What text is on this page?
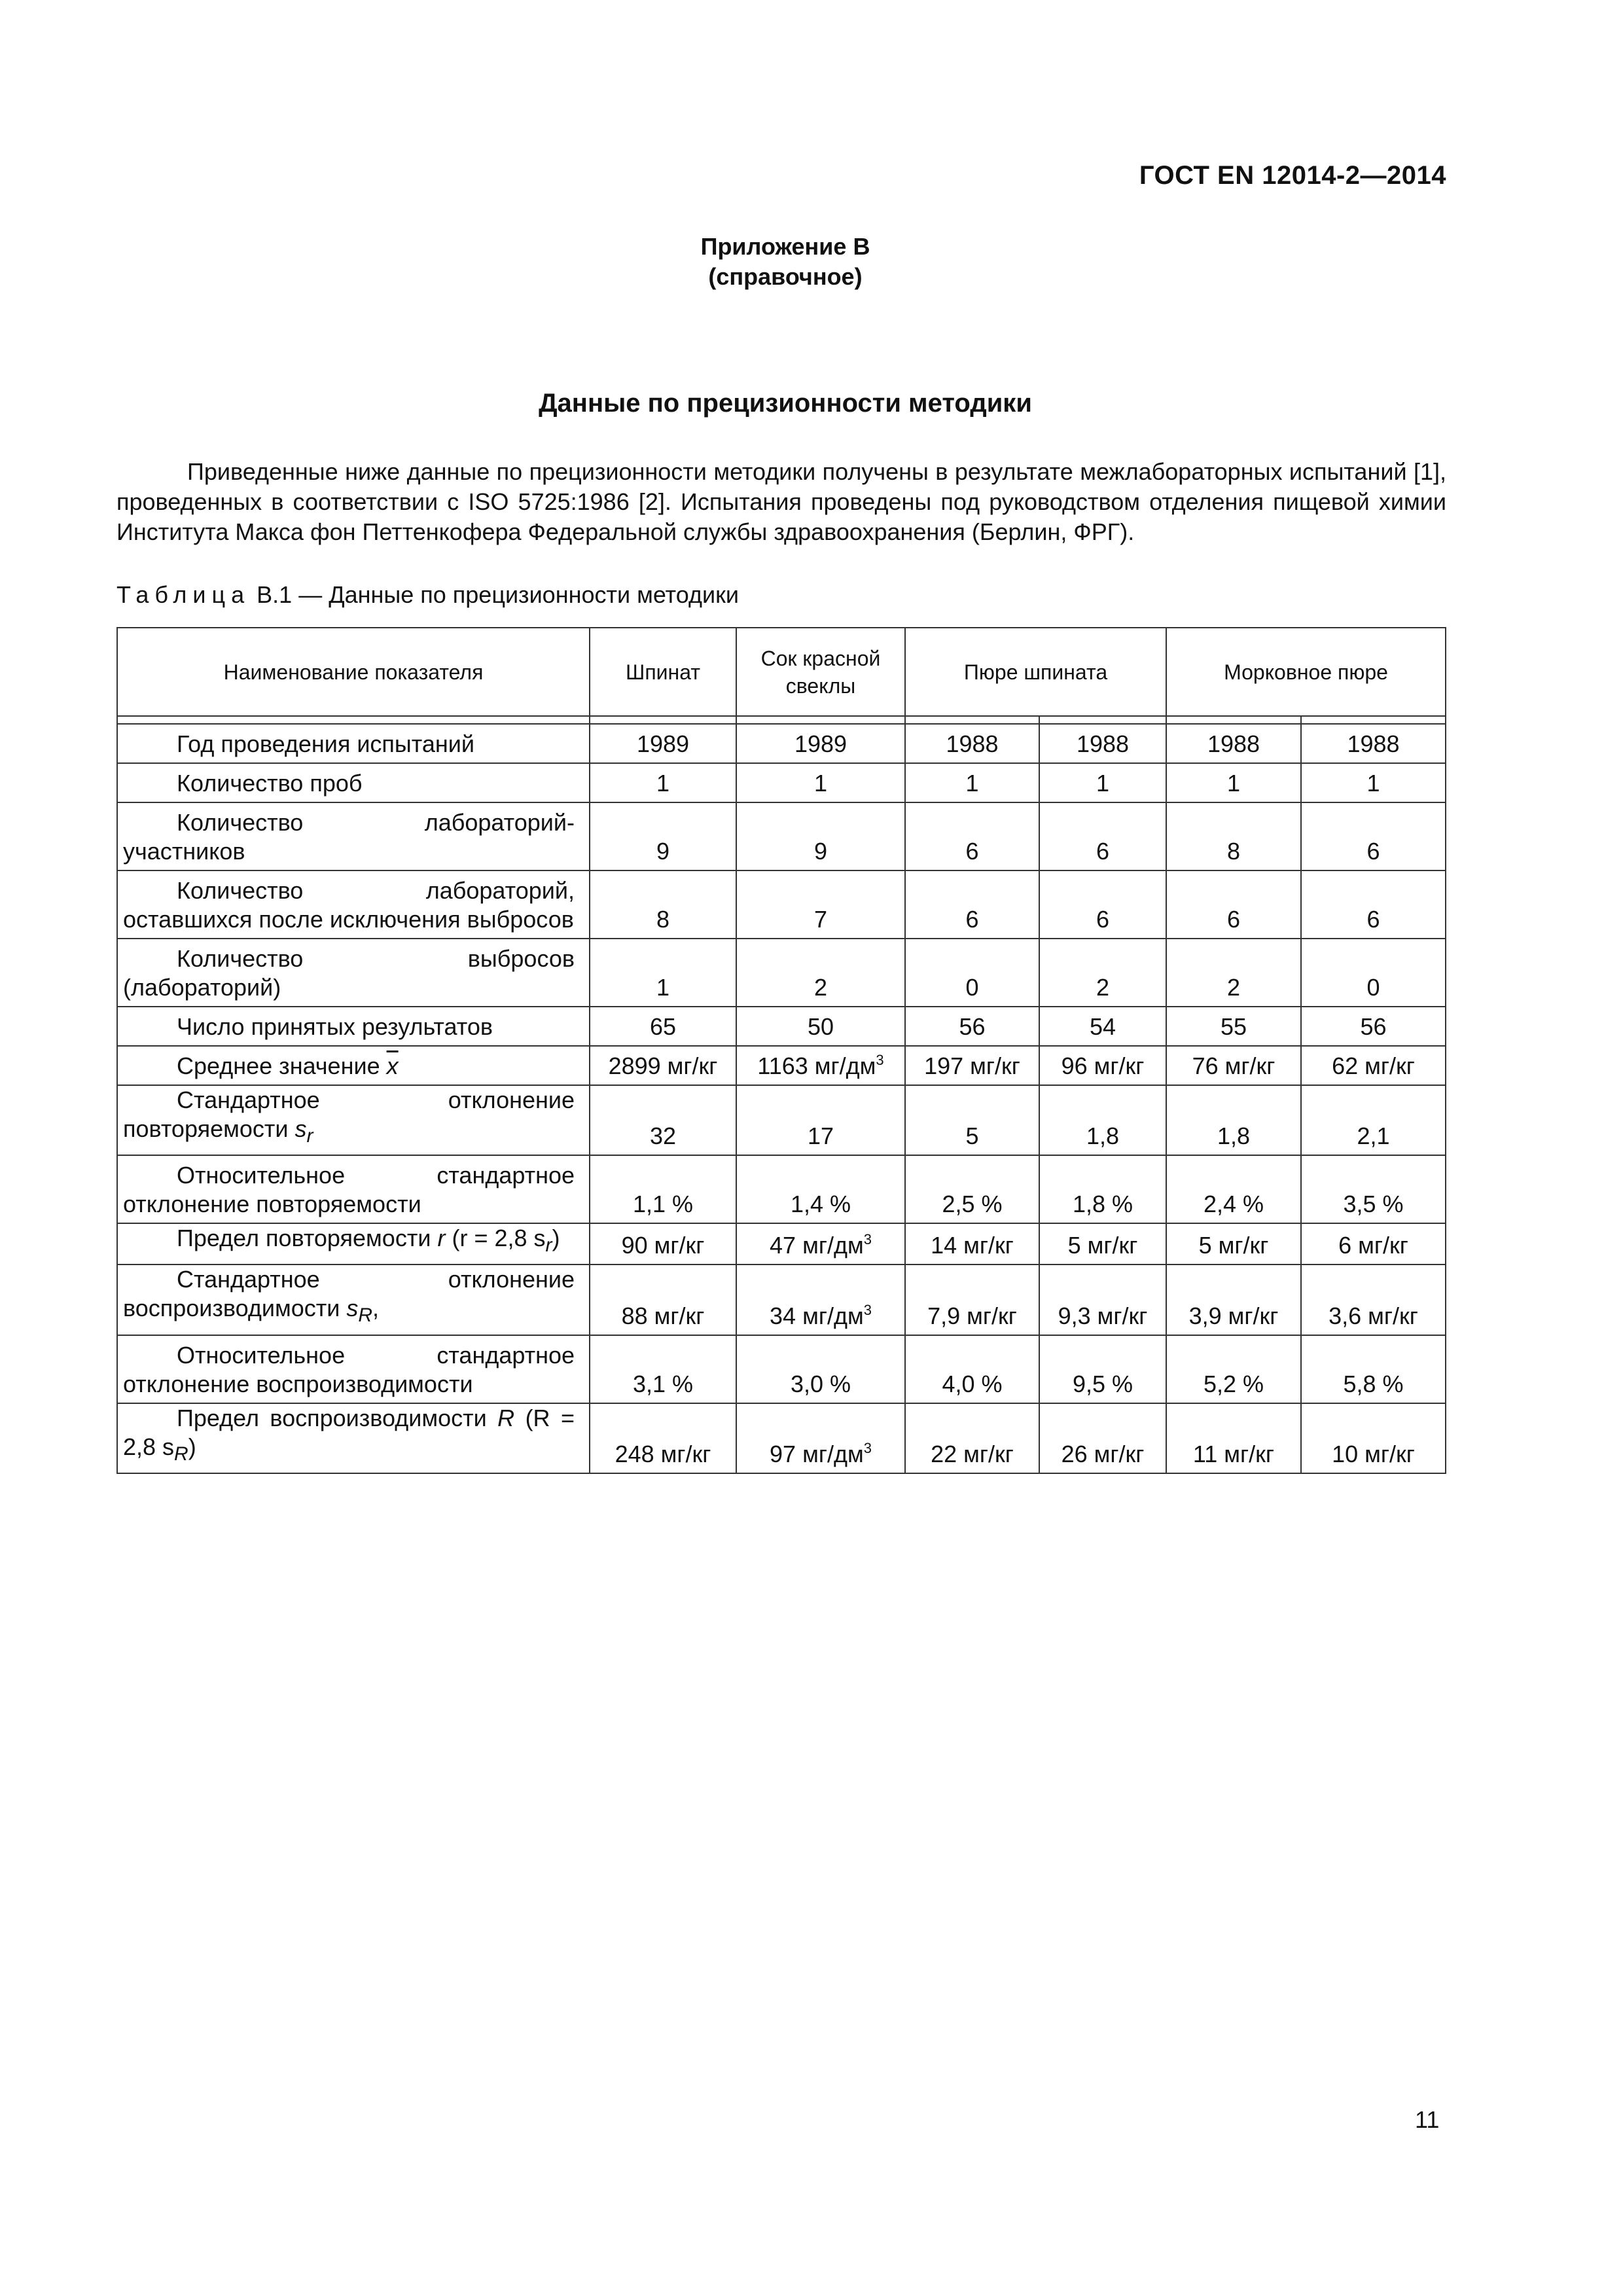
ГОСТ EN 12014-2—2014
Приложение В
(справочное)
Данные по прецизионности методики

Приведенные ниже данные по прецизионности методики получены в результате межлабораторных испытаний [1], проведенных в соответствии с ISO 5725:1986 [2]. Испытания проведены под руководством отделения пищевой химии Института Макса фон Петтенкофера Федеральной службы здравоохранения (Берлин, ФРГ).

Таблица В.1 — Данные по прецизионности методики
Наименование показателя	Шпинат	Сок красной свеклы	Пюре шпината		Морковное пюре	

Год проведения испытаний	1989	1989	1988	1988	1988	1988
Количество проб	1	1	1	1	1	1
Количество лабораторий-участников	9	9	6	6	8	6
Количество лабораторий, оставшихся после исключения выбросов	8	7	6	6	6	6
Количество выбросов (лабораторий)	1	2	0	2	2	0
Число принятых результатов	65	50	56	54	55	56
Среднее значение $\overline{x}$	2899 мг/кг	1163 $мг/дм^3$	197 мг/кг	96 мг/кг	76 мг/кг	62 мг/кг
Стандартное отклонение повторяемости $s_r$	32	17	5	1,8	1,8	2,1
Относительное стандартное отклонение повторяемости	1,1 %	1,4 %	2,5 %	1,8 %	2,4 %	3,5 %
Предел повторяемости r (r = 2,8 $s_r$)	90 мг/кг	47 $мг/дм^3$	14 мг/кг	5 мг/кг	5 мг/кг	6 мг/кг
Стандартное отклонение воспроизводимости $s_R$,	88 мг/кг	34 $мг/дм^3$	7,9 мг/кг	9,3 мг/кг	3,9 мг/кг	3,6 мг/кг
Относительное стандартное отклонение воспроизводимости	3,1 %	3,0 %	4,0 %	9,5 %	5,2 %	5,8 %
Предел воспроизводимости R (R = 2,8 $s_R$)	248 мг/кг	97 $мг/дм^3$	22 мг/кг	26 мг/кг	11 мг/кг	10 мг/кг
11
